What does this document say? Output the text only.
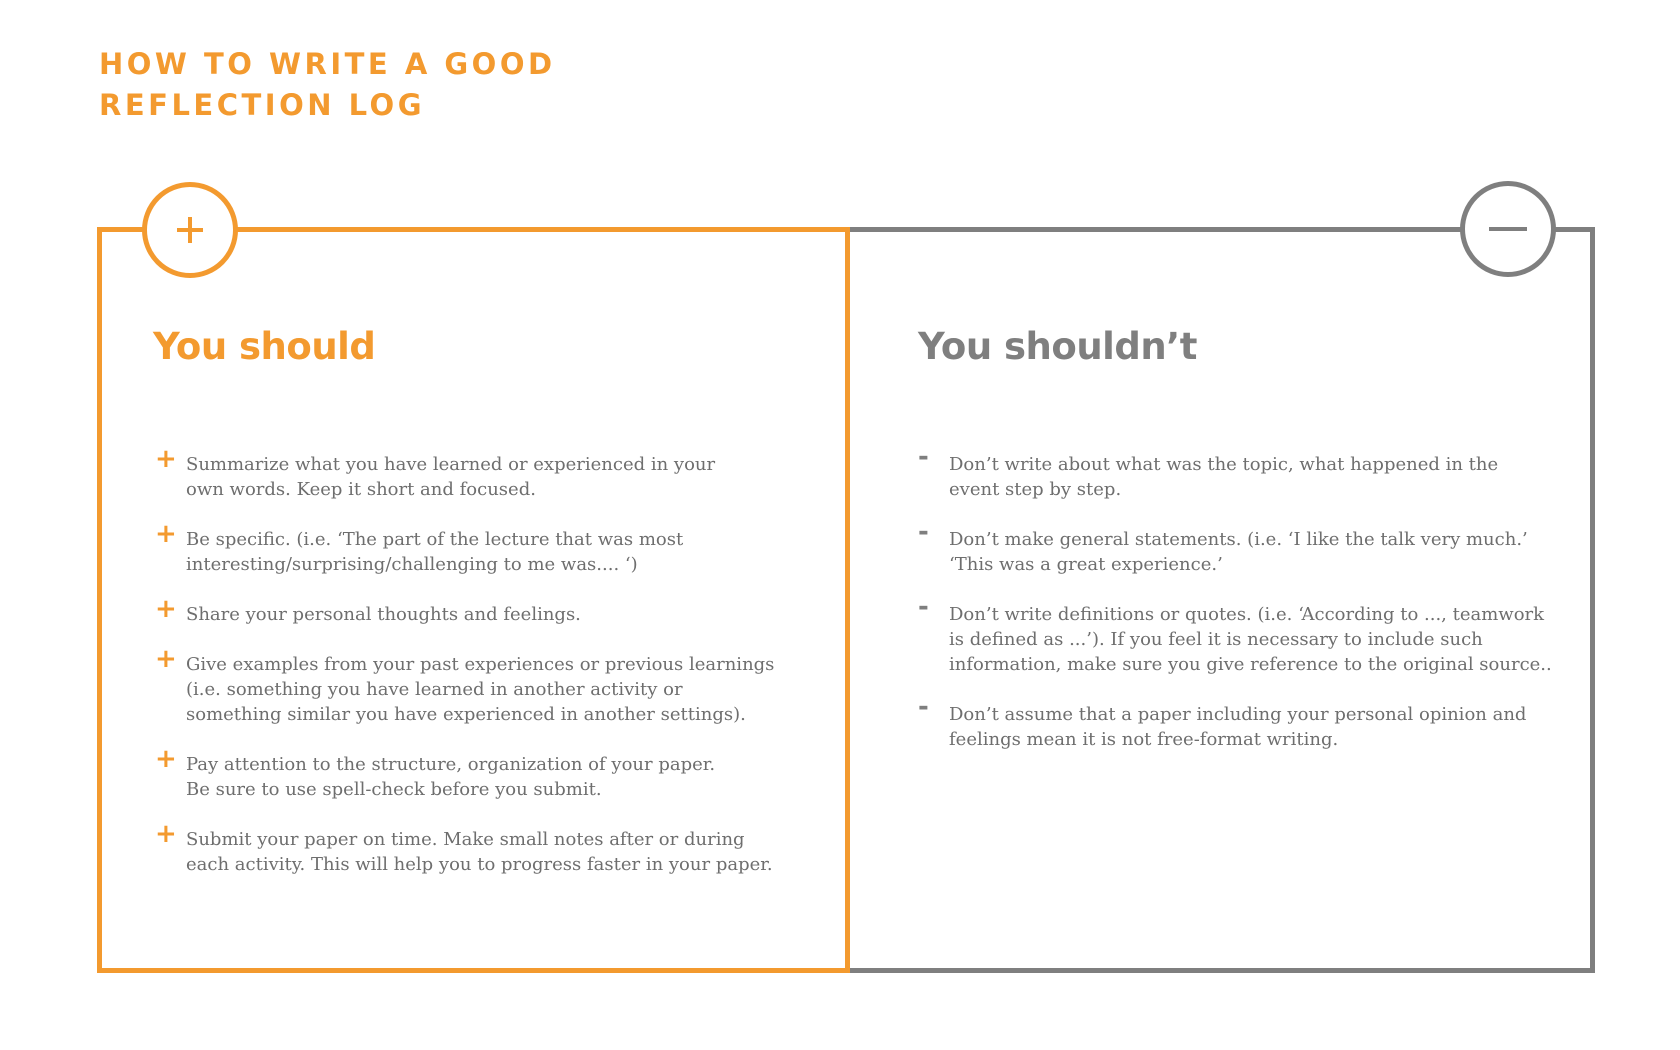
HOW TO WRITE A GOOD
REFLECTION LOG
You should	You shouldn’t
+ Summarize what you have learned or experienced in your
own words. Keep it short and focused.
+ Be specific. (i.e. ‘The part of the lecture that was most
interesting/surprising/challenging to me was.... ‘)
+ Share your personal thoughts and feelings.
+ Give examples from your past experiences or previous learnings
(i.e. something you have learned in another activity or
something similar you have experienced in another settings).
+ Pay attention to the structure, organization of your paper.
Be sure to use spell-check before you submit.
+ Submit your paper on time. Make small notes after or during
each activity. This will help you to progress faster in your paper.
- Don’t write about what was the topic, what happened in the
event step by step.
- Don’t make general statements. (i.e. ‘I like the talk very much.’
‘This was a great experience.’
- Don’t write definitions or quotes. (i.e. ‘According to ..., teamwork
is defined as ...’). If you feel it is necessary to include such
information, make sure you give reference to the original source..
- Don’t assume that a paper including your personal opinion and
feelings mean it is not free-format writing.
